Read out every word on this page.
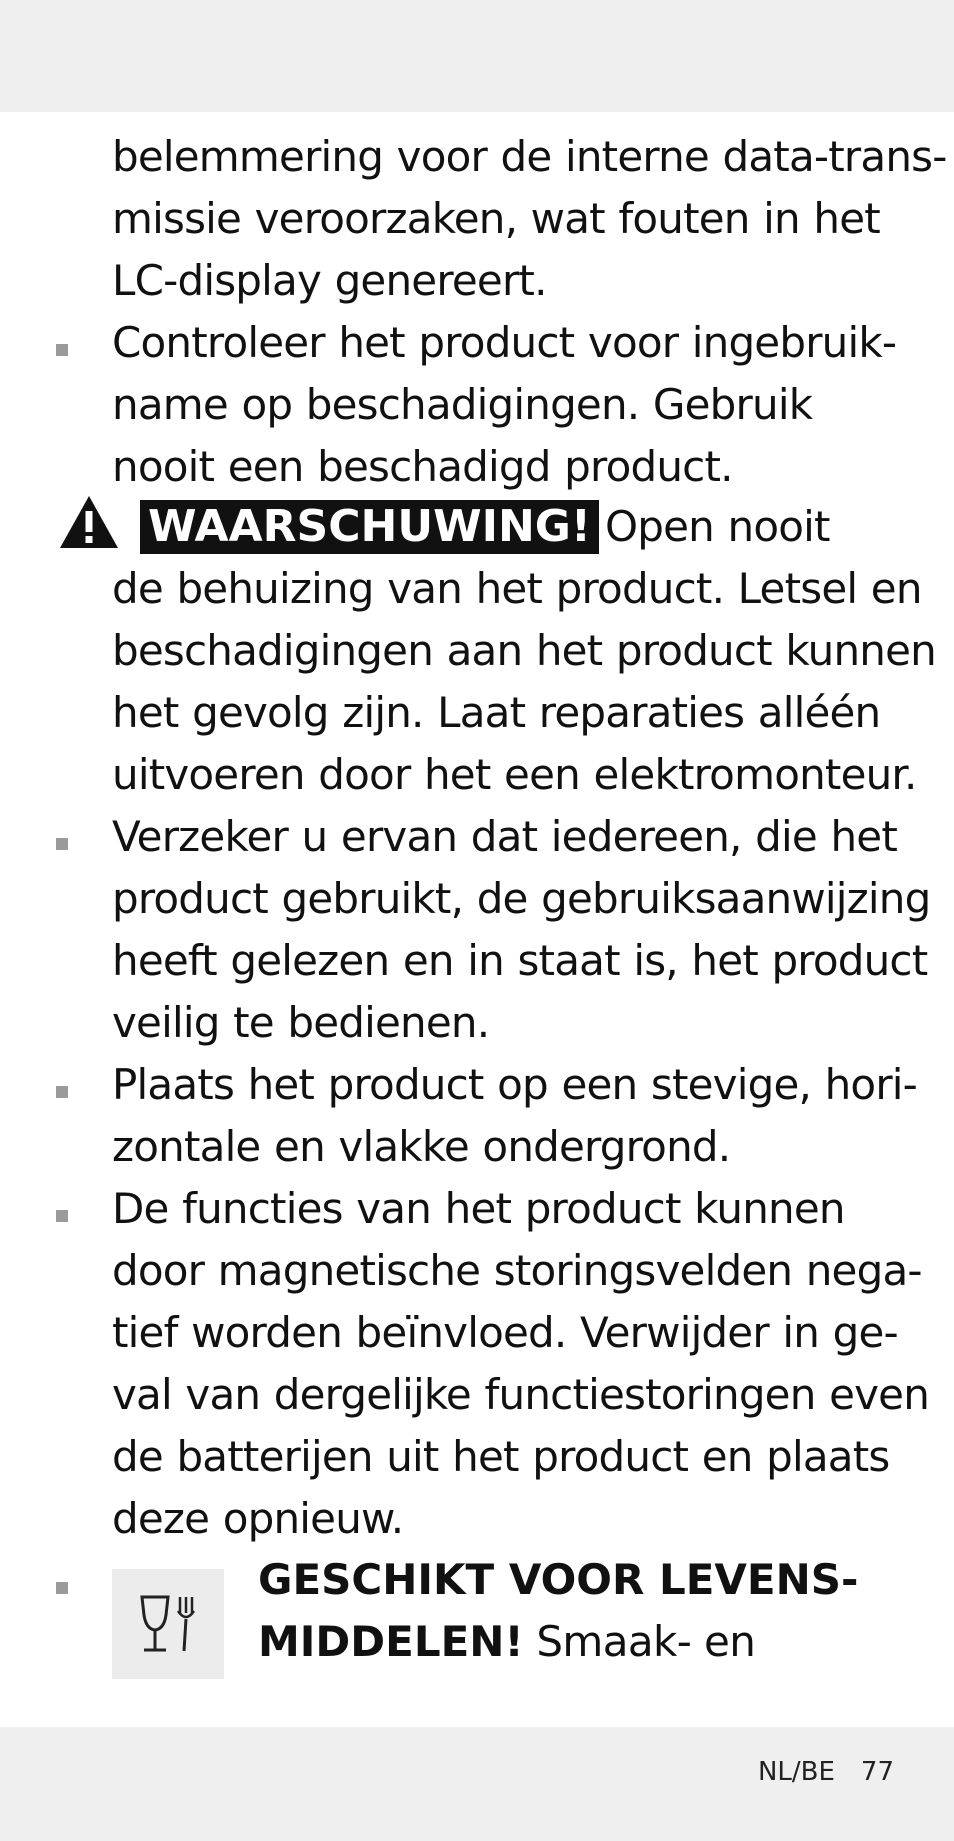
belemmering voor de interne data-trans-
missie veroorzaken, wat fouten in het
LC-display genereert.
Controleer het product voor ingebruik-
name op beschadigingen. Gebruik
nooit een beschadigd product.
WAARSCHUWING! Open nooit
de behuizing van het product. Letsel en
beschadigingen aan het product kunnen
het gevolg zijn. Laat reparaties alléén
uitvoeren door het een elektromonteur.
Verzeker u ervan dat iedereen, die het
product gebruikt, de gebruiksaanwijzing
heeft gelezen en in staat is, het product
veilig te bedienen.
Plaats het product op een stevige, hori-
zontale en vlakke ondergrond.
De functies van het product kunnen
door magnetische storingsvelden nega-
tief worden beïnvloed. Verwijder in ge-
val van dergelijke functiestoringen even
de batterijen uit het product en plaats
deze opnieuw.
GESCHIKT VOOR LEVENS-
MIDDELEN! Smaak- en
NL/BE 77
